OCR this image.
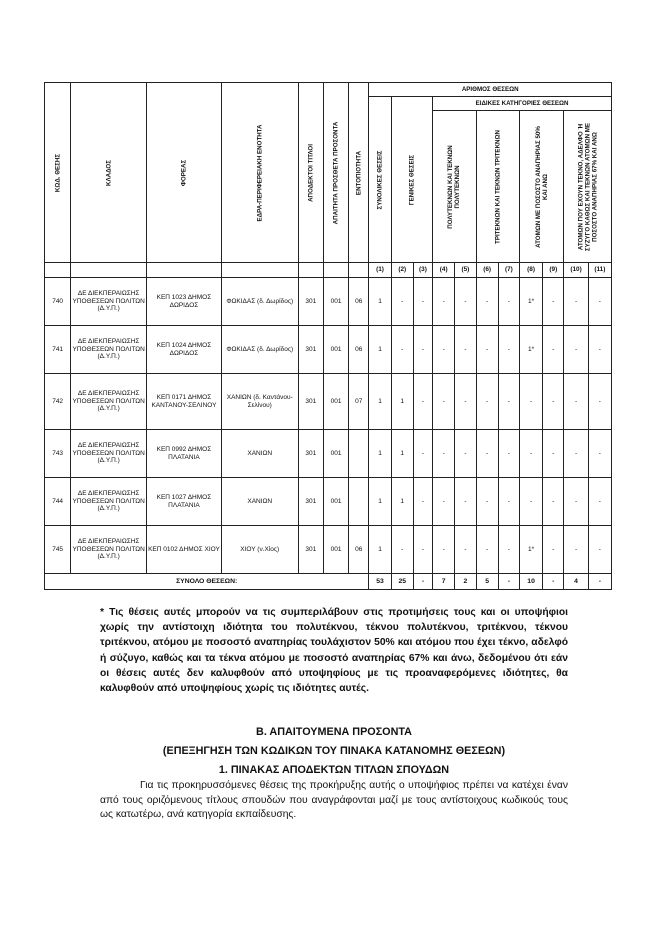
ΚΩΔ. ΘΕΣΗΣ	ΚΛΑΔΟΣ	ΦΟΡΕΑΣ	ΕΔΡΑ-ΠΕΡΙΦΕΡΕΙΑΚΗ ΕΝΟΤΗΤΑ	ΑΠΟΔΕΚΤΟΙ ΤΙΤΛΟΙ	ΑΠΑΙΤΗΤΑ ΠΡΟΣΘΕΤΑ ΠΡΟΣΟΝΤΑ	ΕΝΤΟΠΙΟΤΗΤΑ	ΑΡΙΘΜΟΣ ΘΕΣΕΩΝ										

							ΣΥΝΟΛΙΚΕΣ ΘΕΣΕΙΣ	ΓΕΝΙΚΕΣ ΘΕΣΕΙΣ		ΕΙΔΙΚΕΣ ΚΑΤΗΓΟΡΙΕΣ ΘΕΣΕΩΝ							

										ΠΟΛΥΤΕΚΝΩΝ ΚΑΙ ΤΕΚΝΩΝ ΠΟΛΥΤΕΚΝΩΝ		ΤΡΙΤΕΚΝΩΝ ΚΑΙ ΤΕΚΝΩΝ ΤΡΙΤΕΚΝΩΝ		ΑΤΟΜΩΝ ΜΕ ΠΟΣΟΣΤΟ ΑΝΑΠΗΡΙΑΣ 50% ΚΑΙ ΑΝΩ		ΑΤΟΜΩΝ ΠΟΥ ΕΧΟΥΝ ΤΕΚΝΟ, ΑΔΕΛΦΟ Ή ΣΥΖΥΓΟ ΚΑΘΩΣ ΚΑΙ ΤΕΚΝΩΝ ΑΤΟΜΩΝ ΜΕ ΠΟΣΟΣΤΟ ΑΝΑΠΗΡΙΑΣ 67% ΚΑΙ ΑΝΩ	

							(1)	(2)	(3)	(4)	(5)	(6)	(7)	(8)	(9)	(10)	(11)
740	ΔΕ ΔΙΕΚΠΕΡΑΙΩΣΗΣ ΥΠΟΘΕΣΕΩΝ ΠΟΛΙΤΩΝ (Δ.Υ.Π.)	ΚΕΠ 1023 ΔΗΜΟΣ ΔΩΡΙΔΟΣ	ΦΩΚΙΔΑΣ (δ. Δωρίδος)	301	001	06	1	-	-	-	-	-	-	1*	-	-	-
741	ΔΕ ΔΙΕΚΠΕΡΑΙΩΣΗΣ ΥΠΟΘΕΣΕΩΝ ΠΟΛΙΤΩΝ (Δ.Υ.Π.)	ΚΕΠ 1024 ΔΗΜΟΣ ΔΩΡΙΔΟΣ	ΦΩΚΙΔΑΣ (δ. Δωρίδος)	301	001	06	1	-	-	-	-	-	-	1*	-	-	-
742	ΔΕ ΔΙΕΚΠΕΡΑΙΩΣΗΣ ΥΠΟΘΕΣΕΩΝ ΠΟΛΙΤΩΝ (Δ.Υ.Π.)	ΚΕΠ 0171 ΔΗΜΟΣ ΚΑΝΤΑΝΟΥ-ΣΕΛΙΝΟΥ	ΧΑΝΙΩΝ (δ. Καντάνου-Σελίνου)	301	001	07	1	1	-	-	-	-	-	-	-	-	-
743	ΔΕ ΔΙΕΚΠΕΡΑΙΩΣΗΣ ΥΠΟΘΕΣΕΩΝ ΠΟΛΙΤΩΝ (Δ.Υ.Π.)	ΚΕΠ 0992 ΔΗΜΟΣ ΠΛΑΤΑΝΙΑ	ΧΑΝΙΩΝ	301	001		1	1	-	-	-	-	-	-	-	-	-
744	ΔΕ ΔΙΕΚΠΕΡΑΙΩΣΗΣ ΥΠΟΘΕΣΕΩΝ ΠΟΛΙΤΩΝ (Δ.Υ.Π.)	ΚΕΠ 1027 ΔΗΜΟΣ ΠΛΑΤΑΝΙΑ	ΧΑΝΙΩΝ	301	001		1	1	-	-	-	-	-	-	-	-	-
745	ΔΕ ΔΙΕΚΠΕΡΑΙΩΣΗΣ ΥΠΟΘΕΣΕΩΝ ΠΟΛΙΤΩΝ (Δ.Υ.Π.)	ΚΕΠ 0102 ΔΗΜΟΣ ΧΙΟΥ	ΧΙΟΥ (ν.Χίος)	301	001	06	1	-	-	-	-	-	-	1*	-	-	-
ΣΥΝΟΛΟ ΘΕΣΕΩΝ:							53	25	-	7	2	5	-	10	-	4	-

* Τις θέσεις αυτές μπορούν να τις συμπεριλάβουν στις προτιμήσεις τους και οι υποψήφιοι χωρίς την αντίστοιχη ιδιότητα του πολυτέκνου, τέκνου πολυτέκνου, τριτέκνου, τέκνου τριτέκνου, ατόμου με ποσοστό αναπηρίας τουλάχιστον 50% και ατόμου που έχει τέκνο, αδελφό ή σύζυγο, καθώς και τα τέκνα ατόμου με ποσοστό αναπηρίας 67% και άνω, δεδομένου ότι εάν οι θέσεις αυτές δεν καλυφθούν από υποψηφίους με τις προαναφερόμενες ιδιότητες, θα καλυφθούν από υποψηφίους χωρίς τις ιδιότητες αυτές.

Β. ΑΠΑΙΤΟΥΜΕΝΑ ΠΡΟΣΟΝΤΑ
(ΕΠΕΞΗΓΗΣΗ ΤΩΝ ΚΩΔΙΚΩΝ ΤΟΥ ΠΙΝΑΚΑ ΚΑΤΑΝΟΜΗΣ ΘΕΣΕΩΝ)
1. ΠΙΝΑΚΑΣ ΑΠΟΔΕΚΤΩΝ ΤΙΤΛΩΝ ΣΠΟΥΔΩΝ

Για τις προκηρυσσόμενες θέσεις της προκήρυξης αυτής ο υποψήφιος πρέπει να κατέχει έναν από τους οριζόμενους τίτλους σπουδών που αναγράφονται μαζί με τους αντίστοιχους κωδικούς τους ως κατωτέρω, ανά κατηγορία εκπαίδευσης.
